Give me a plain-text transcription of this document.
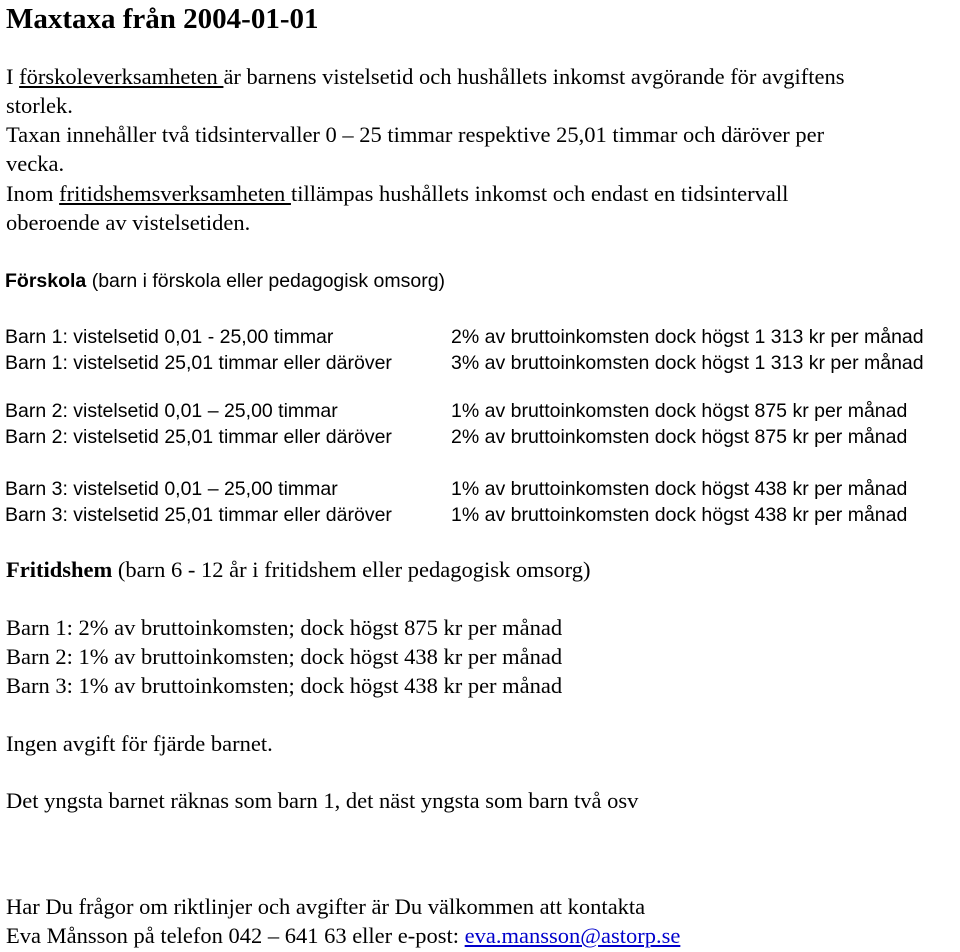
Maxtaxa från 2004-01-01
I förskoleverksamheten är barnens vistelsetid och hushållets inkomst avgörande för avgiftens
storlek.
Taxan innehåller två tidsintervaller 0 – 25 timmar respektive 25,01 timmar och däröver per
vecka.
Inom fritidshemsverksamheten tillämpas hushållets inkomst och endast en tidsintervall
oberoende av vistelsetiden.
Förskola (barn i förskola eller pedagogisk omsorg)
Barn 1: vistelsetid 0,01 - 25,00 timmar	2% av bruttoinkomsten dock högst 1 313 kr per månad
Barn 1: vistelsetid 25,01 timmar eller däröver	3% av bruttoinkomsten dock högst 1 313 kr per månad
Barn 2: vistelsetid 0,01 – 25,00 timmar	1% av bruttoinkomsten dock högst 875 kr per månad
Barn 2: vistelsetid 25,01 timmar eller däröver	2% av bruttoinkomsten dock högst 875 kr per månad
Barn 3: vistelsetid 0,01 – 25,00 timmar	1% av bruttoinkomsten dock högst 438 kr per månad
Barn 3: vistelsetid 25,01 timmar eller däröver	1% av bruttoinkomsten dock högst 438 kr per månad
Fritidshem (barn 6 - 12 år i fritidshem eller pedagogisk omsorg)
Barn 1: 2% av bruttoinkomsten; dock högst 875 kr per månad
Barn 2: 1% av bruttoinkomsten; dock högst 438 kr per månad
Barn 3: 1% av bruttoinkomsten; dock högst 438 kr per månad
Ingen avgift för fjärde barnet.
Det yngsta barnet räknas som barn 1, det näst yngsta som barn två osv
Har Du frågor om riktlinjer och avgifter är Du välkommen att kontakta
Eva Månsson på telefon 042 – 641 63 eller e-post: eva.mansson@astorp.se
